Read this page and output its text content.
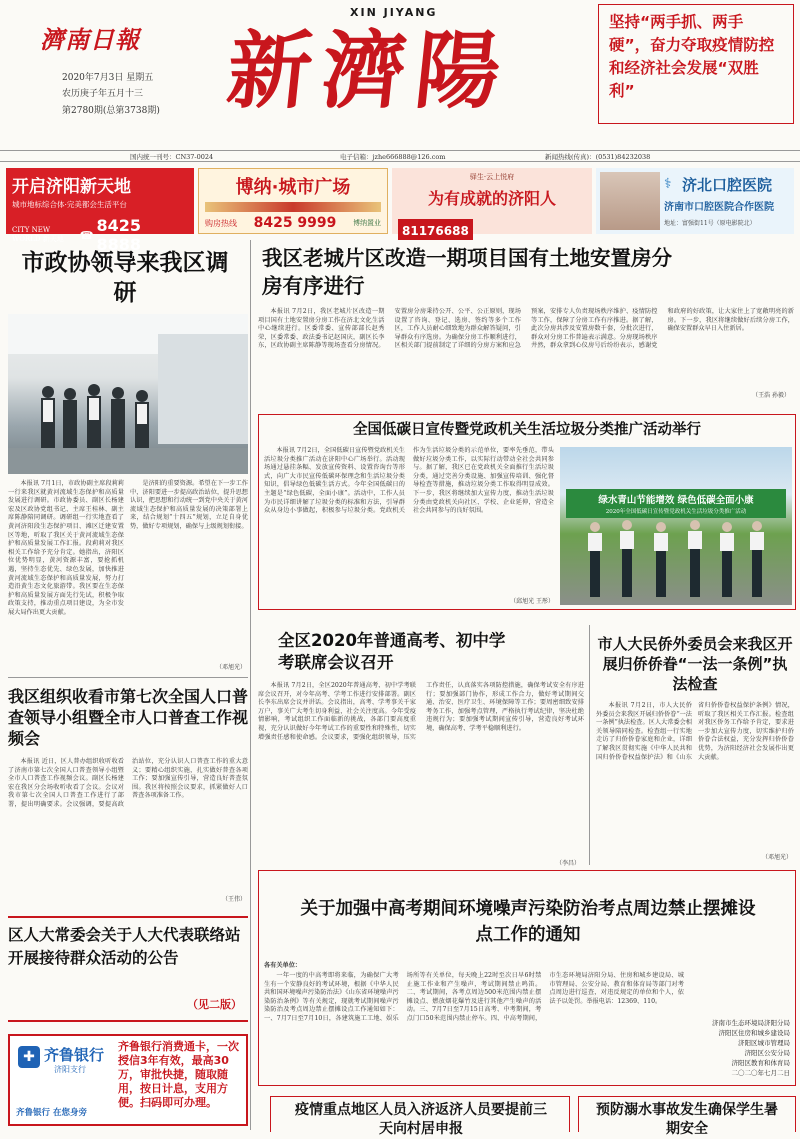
濟南日報
2020年7月3日 星期五
农历庚子年五月十三
第2780期(总第3738期)
XIN JIYANG
新濟陽	坚持“两手抓、两手硬”，奋力夺取疫情防控和经济社会发展“双胜利”
国内统一刊号：CN37-0024	电子信箱：jzhe666888@126.com	新闻热线(传真)：(0531)84232038
开启济阳新天地
城市地标综合体·完美都会生活平台
CITY NEW WORLD 新天地	☎ 8425 8888
博纳·城市广场
购房热线 8425 9999 博纳置业
驿生·云上悦府
为有成就的济阳人
81176688
⚕ 济北口腔医院
济南市口腔医院合作医院
地址：富强街11号（原电影院北）
市政协领导来我区调研

本报讯 7月1日，市政协副主席段莉莉一行来我区就黄河流域生态保护和高质量发展进行调研。市政协委员、副区长杨建宏及区政协党组书记、主席王桂林、副主席陈静陪同调研。调研组一行实地查看了黄河济阳段生态保护项目、滩区迁建安置区等地，听取了我区关于黄河流域生态保护和高质量发展工作汇报。段莉莉对我区相关工作给予充分肯定。她指出，济阳区位优势明显，黄河资源丰富，要抢抓机遇，坚持生态优先、绿色发展，加快推进黄河流域生态保护和高质量发展，努力打造沿黄生态文化旅游带。我区要在生态保护和高质量发展方面先行先试，积极争取政策支持，推动重点项目建设，为全市发展大局作出更大贡献。

是济阳的重要资源。希望在下一步工作中，济阳要进一步提高政治站位，提升思想认识，把思想和行动统一到党中央关于黄河流域生态保护和高质量发展的决策部署上来，结合规划“十四五”规划，立足自身优势，做好专项规划，确保与上级规划衔接。

（邓旭光）
我区组织收看市第七次全国人口普查领导小组暨全市人口普查工作视频会

本报讯 近日，区人普办组织收听收看了济南市第七次全国人口普查领导小组暨全市人口普查工作视频会议。副区长杨建宏在我区分会场收听收看了会议。会议对我市第七次全国人口普查工作进行了部署，提出明确要求。会议强调，要提高政治站位，充分认识人口普查工作的重大意义；要精心组织实施，扎实做好普查各项工作；要加强宣传引导，营造良好普查氛围。我区将按照会议要求，抓紧做好人口普查各项准备工作。

（王伟）
区人大常委会关于人大代表联络站开展接待群众活动的公告
（见二版）
✚ 齐鲁银行
济阳支行
齐鲁银行 在您身旁
齐鲁银行消费通卡，一次授信3年有效，最高30万，审批快捷，随取随用，按日计息，支用方便。扫码即可办理。
我区老城片区改造一期项目国有土地安置房分房有序进行

本报讯 7月2日，我区老城片区改造一期项目国有土地安置房分房工作在济北文化生活中心继续进行。区委常委、宣传部部长赵秀荣，区委常委、政法委书记赵国庆，副区长李东，区政协副主席陈静等现场查看分房情况。安置房分房秉持公开、公平、公正原则，现场设置了咨询、登记、选房、签约等多个工作区，工作人员耐心细致地为群众解答疑问，引导群众有序选房。为确保分房工作顺利进行，区相关部门提前制定了详细的分房方案和应急预案，安排专人负责现场秩序维护、疫情防控等工作，保障了分房工作有序推进。据了解，此次分房共涉及安置房数千套，分批次进行，群众对分房工作普遍表示满意。分房现场秩序井然，群众拿到心仪房号后纷纷表示，感谢党和政府的好政策，让大家住上了宽敞明亮的新房。下一步，我区将继续做好后续分房工作，确保安置群众早日入住新居。

（王浩 孙毅）
全国低碳日宣传暨党政机关生活垃圾分类推广活动举行

本报讯 7月2日，全国低碳日宣传暨党政机关生活垃圾分类推广活动在济阳中心广场举行。活动现场通过悬挂条幅、发放宣传资料、设置咨询台等形式，向广大市民宣传低碳环保理念和生活垃圾分类知识，倡导绿色低碳生活方式。今年全国低碳日的主题是“绿色低碳，全面小康”。活动中，工作人员为市民详细讲解了垃圾分类的标准和方法，引导群众从身边小事做起，积极参与垃圾分类。党政机关作为生活垃圾分类的示范单位，要率先垂范，带头做好垃圾分类工作，以实际行动带动全社会共同参与。据了解，我区已在党政机关全面推行生活垃圾分类，通过完善分类设施、加强宣传培训、强化督导检查等措施，推动垃圾分类工作取得明显成效。下一步，我区将继续加大宣传力度，推动生活垃圾分类由党政机关向社区、学校、企业延伸，营造全社会共同参与的良好氛围。

（邱旭光 王彤）
绿水青山节能增效 绿色低碳全面小康
2020年全国低碳日宣传暨党政机关生活垃圾分类推广活动
全区2020年普通高考、初中学考联席会议召开

本报讯 7月2日，全区2020年普通高考、初中学考联席会议召开，对今年高考、学考工作进行安排部署。副区长李东出席会议并讲话。会议指出，高考、学考事关千家万户，事关广大考生切身利益，社会关注度高。今年受疫情影响，考试组织工作面临新的挑战，各部门要高度重视，充分认识做好今年考试工作的重要性和特殊性，切实增强责任感和使命感。会议要求，要强化组织领导，压实工作责任，认真落实各项防控措施，确保考试安全有序进行；要加强部门协作，形成工作合力，做好考试期间交通、治安、医疗卫生、环境保障等工作；要周密细致安排考务工作，加强考点管理，严格执行考试纪律，坚决杜绝违规行为；要加强考试期间宣传引导，营造良好考试环境，确保高考、学考平稳顺利进行。

（李昌）
市人大民侨外委员会来我区开展归侨侨眷“一法一条例”执法检查

本报讯 7月2日，市人大民侨外委员会来我区开展归侨侨眷“一法一条例”执法检查。区人大常委会相关领导陪同检查。检查组一行实地走访了归侨侨眷家庭和企业，详细了解我区贯彻实施《中华人民共和国归侨侨眷权益保护法》和《山东省归侨侨眷权益保护条例》情况，听取了我区相关工作汇报。检查组对我区侨务工作给予肯定，要求进一步加大宣传力度，切实维护归侨侨眷合法权益，充分发挥归侨侨眷优势，为济阳经济社会发展作出更大贡献。

（邓旭光）
关于加强中高考期间环境噪声污染防治考点周边禁止摆摊设点工作的通知
各有关单位：

一年一度的中高考即将来临，为确保广大考生有一个安静良好的考试环境，根据《中华人民共和国环境噪声污染防治法》《山东省环境噪声污染防治条例》等有关规定，现就考试期间噪声污染防治及考点周边禁止摆摊设点工作通知如下：一、7月7日至7月10日，各建筑施工工地、娱乐场所等有关单位，每天晚上22时至次日早6时禁止施工作业和产生噪声，考试期间禁止鸣笛。二、考试期间，各考点周边500米范围内禁止摆摊设点、燃放烟花爆竹及进行其他产生噪声的活动。三、7月7日至7月15日高考、中考期间，考点门口50米范围内禁止停车。四、中高考期间，市生态环境局济阳分局、住房和城乡建设局、城市管理局、公安分局、教育和体育局等部门对考点周边进行巡查，对违反规定的单位和个人，依法予以处罚。举报电话：12369、110。

济南市生态环境局济阳分局
济阳区住房和城乡建设局
济阳区城市管理局
济阳区公安分局
济阳区教育和体育局
二〇二〇年七月二日
疫情重点地区人员入济返济人员要提前三天向村居申报
预防溺水事故发生确保学生暑期安全
